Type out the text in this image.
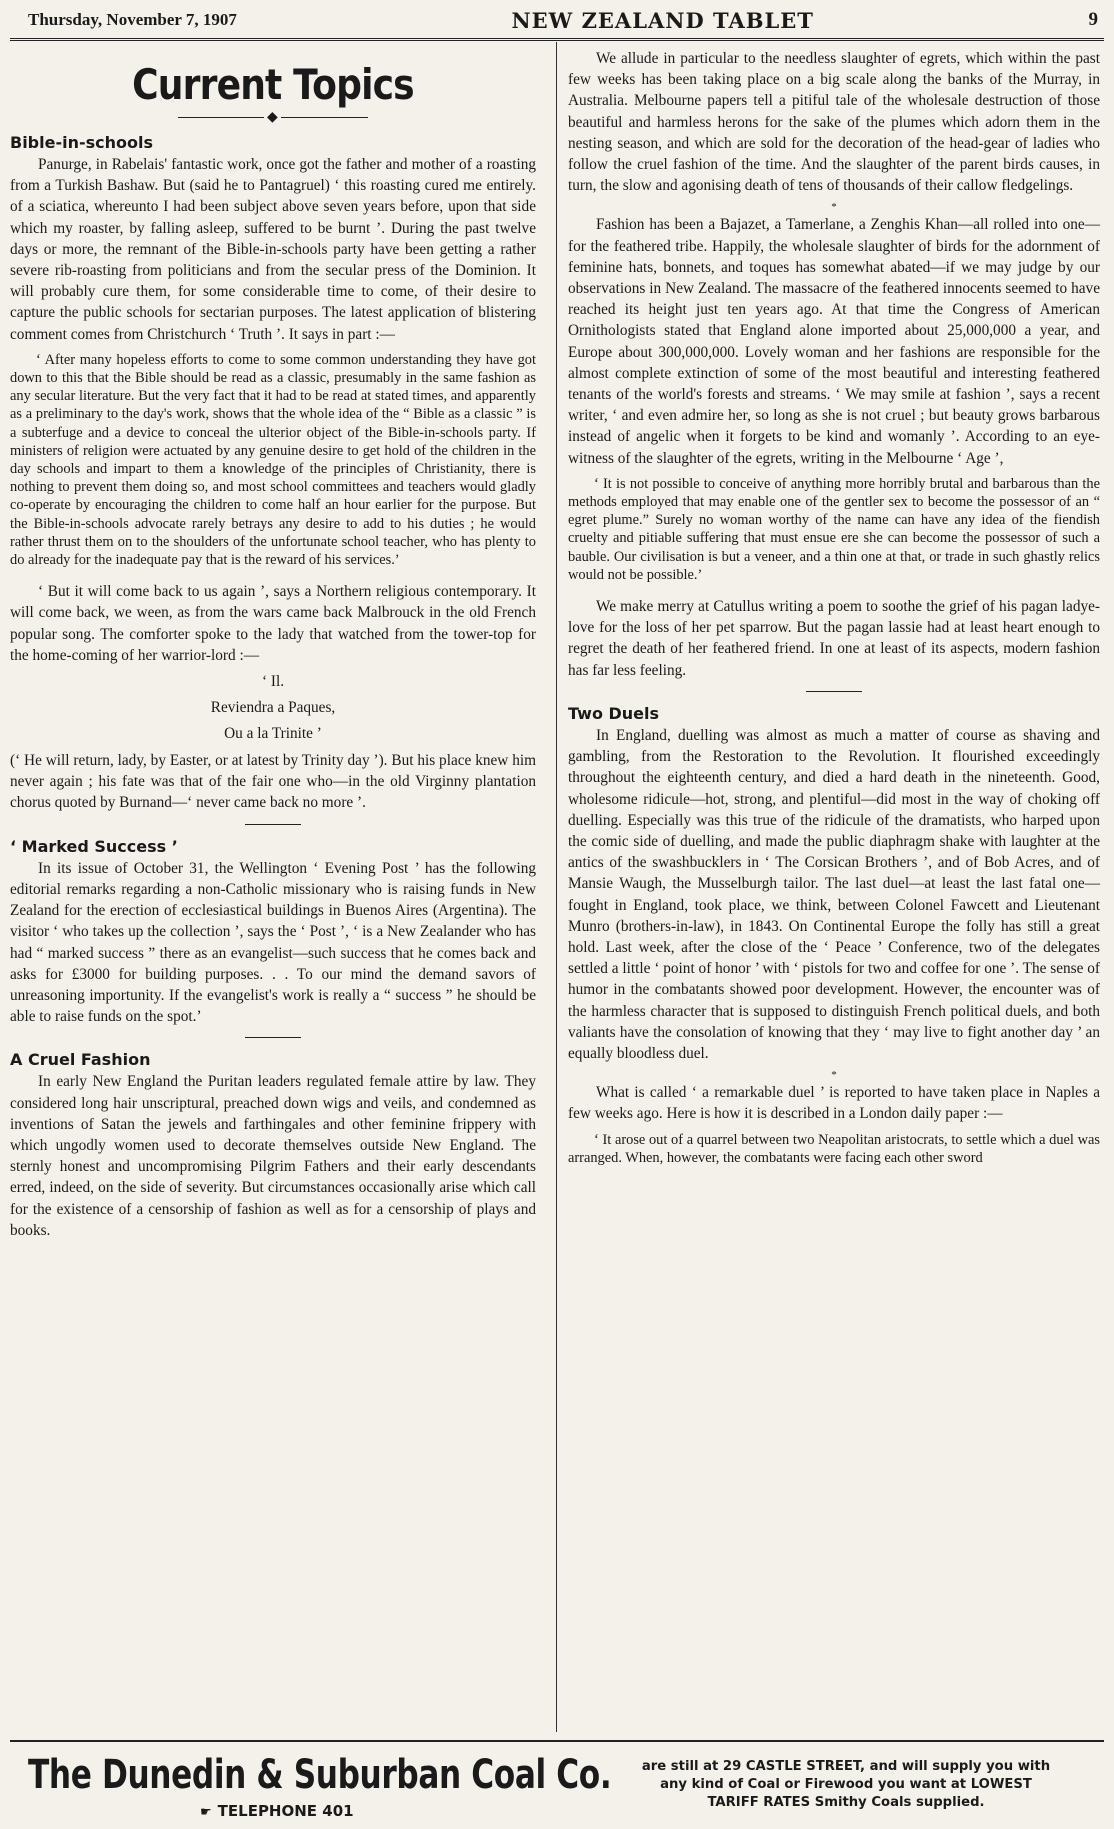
Thursday, November 7, 1907	NEW ZEALAND TABLET	9
Current Topics
◆
Bible-in-schools

Panurge, in Rabelais' fantastic work, once got the father and mother of a roasting from a Turkish Bashaw. But (said he to Pantagruel) ‘ this roasting cured me entirely. of a sciatica, whereunto I had been subject above seven years before, upon that side which my roaster, by falling asleep, suffered to be burnt ’. During the past twelve days or more, the remnant of the Bible-in-schools party have been getting a rather severe rib-roasting from politicians and from the secular press of the Dominion. It will probably cure them, for some considerable time to come, of their desire to capture the public schools for sectarian purposes. The latest application of blistering comment comes from Christchurch ‘ Truth ’. It says in part :—

‘ After many hopeless efforts to come to some common understanding they have got down to this that the Bible should be read as a classic, presumably in the same fashion as any secular literature. But the very fact that it had to be read at stated times, and apparently as a preliminary to the day's work, shows that the whole idea of the “ Bible as a classic ” is a subterfuge and a device to conceal the ulterior object of the Bible-in-schools party. If ministers of religion were actuated by any genuine desire to get hold of the children in the day schools and impart to them a knowledge of the principles of Christianity, there is nothing to prevent them doing so, and most school committees and teachers would gladly co-operate by encouraging the children to come half an hour earlier for the purpose. But the Bible-in-schools advocate rarely betrays any desire to add to his duties ; he would rather thrust them on to the shoulders of the unfortunate school teacher, who has plenty to do already for the inadequate pay that is the reward of his services.’

‘ But it will come back to us again ’, says a Northern religious contemporary. It will come back, we ween, as from the wars came back Malbrouck in the old French popular song. The comforter spoke to the lady that watched from the tower-top for the home-coming of her warrior-lord :—

‘ Il.
Reviendra a Paques,
Ou a la Trinite ’

(‘ He will return, lady, by Easter, or at latest by Trinity day ’). But his place knew him never again ; his fate was that of the fair one who—in the old Virginny plantation chorus quoted by Burnand—‘ never came back no more ’.

‘ Marked Success ’

In its issue of October 31, the Wellington ‘ Evening Post ’ has the following editorial remarks regarding a non-Catholic missionary who is raising funds in New Zealand for the erection of ecclesiastical buildings in Buenos Aires (Argentina). The visitor ‘ who takes up the collection ’, says the ‘ Post ’, ‘ is a New Zealander who has had “ marked success ” there as an evangelist—such success that he comes back and asks for £3000 for building purposes. . . To our mind the demand savors of unreasoning importunity. If the evangelist's work is really a “ success ” he should be able to raise funds on the spot.’

A Cruel Fashion

In early New England the Puritan leaders regulated female attire by law. They considered long hair unscriptural, preached down wigs and veils, and condemned as inventions of Satan the jewels and farthingales and other feminine frippery with which ungodly women used to decorate themselves outside New England. The sternly honest and uncompromising Pilgrim Fathers and their early descendants erred, indeed, on the side of severity. But circumstances occasionally arise which call for the existence of a censorship of fashion as well as for a censorship of plays and books.

We allude in particular to the needless slaughter of egrets, which within the past few weeks has been taking place on a big scale along the banks of the Murray, in Australia. Melbourne papers tell a pitiful tale of the wholesale destruction of those beautiful and harmless herons for the sake of the plumes which adorn them in the nesting season, and which are sold for the decoration of the head-gear of ladies who follow the cruel fashion of the time. And the slaughter of the parent birds causes, in turn, the slow and agonising death of tens of thousands of their callow fledgelings.

*

Fashion has been a Bajazet, a Tamerlane, a Zenghis Khan—all rolled into one—for the feathered tribe. Happily, the wholesale slaughter of birds for the adornment of feminine hats, bonnets, and toques has somewhat abated—if we may judge by our observations in New Zealand. The massacre of the feathered innocents seemed to have reached its height just ten years ago. At that time the Congress of American Ornithologists stated that England alone imported about 25,000,000 a year, and Europe about 300,000,000. Lovely woman and her fashions are responsible for the almost complete extinction of some of the most beautiful and interesting feathered tenants of the world's forests and streams. ‘ We may smile at fashion ’, says a recent writer, ‘ and even admire her, so long as she is not cruel ; but beauty grows barbarous instead of angelic when it forgets to be kind and womanly ’. According to an eye-witness of the slaughter of the egrets, writing in the Melbourne ‘ Age ’,

‘ It is not possible to conceive of anything more horribly brutal and barbarous than the methods employed that may enable one of the gentler sex to become the possessor of an “ egret plume.” Surely no woman worthy of the name can have any idea of the fiendish cruelty and pitiable suffering that must ensue ere she can become the possessor of such a bauble. Our civilisation is but a veneer, and a thin one at that, or trade in such ghastly relics would not be possible.’

We make merry at Catullus writing a poem to soothe the grief of his pagan ladye-love for the loss of her pet sparrow. But the pagan lassie had at least heart enough to regret the death of her feathered friend. In one at least of its aspects, modern fashion has far less feeling.

Two Duels

In England, duelling was almost as much a matter of course as shaving and gambling, from the Restoration to the Revolution. It flourished exceedingly throughout the eighteenth century, and died a hard death in the nineteenth. Good, wholesome ridicule—hot, strong, and plentiful—did most in the way of choking off duelling. Especially was this true of the ridicule of the dramatists, who harped upon the comic side of duelling, and made the public diaphragm shake with laughter at the antics of the swashbucklers in ‘ The Corsican Brothers ’, and of Bob Acres, and of Mansie Waugh, the Musselburgh tailor. The last duel—at least the last fatal one—fought in England, took place, we think, between Colonel Fawcett and Lieutenant Munro (brothers-in-law), in 1843. On Continental Europe the folly has still a great hold. Last week, after the close of the ‘ Peace ’ Conference, two of the delegates settled a little ‘ point of honor ’ with ‘ pistols for two and coffee for one ’. The sense of humor in the combatants showed poor development. However, the encounter was of the harmless character that is supposed to distinguish French political duels, and both valiants have the consolation of knowing that they ‘ may live to fight another day ’ an equally bloodless duel.

*

What is called ‘ a remarkable duel ’ is reported to have taken place in Naples a few weeks ago. Here is how it is described in a London daily paper :—

‘ It arose out of a quarrel between two Neapolitan aristocrats, to settle which a duel was arranged. When, however, the combatants were facing each other sword
The Dunedin & Suburban Coal Co.
☛ TELEPHONE 401
are still at 29 CASTLE STREET, and will supply you with
any kind of Coal or Firewood you want at LOWEST
TARIFF RATES Smithy Coals supplied.
